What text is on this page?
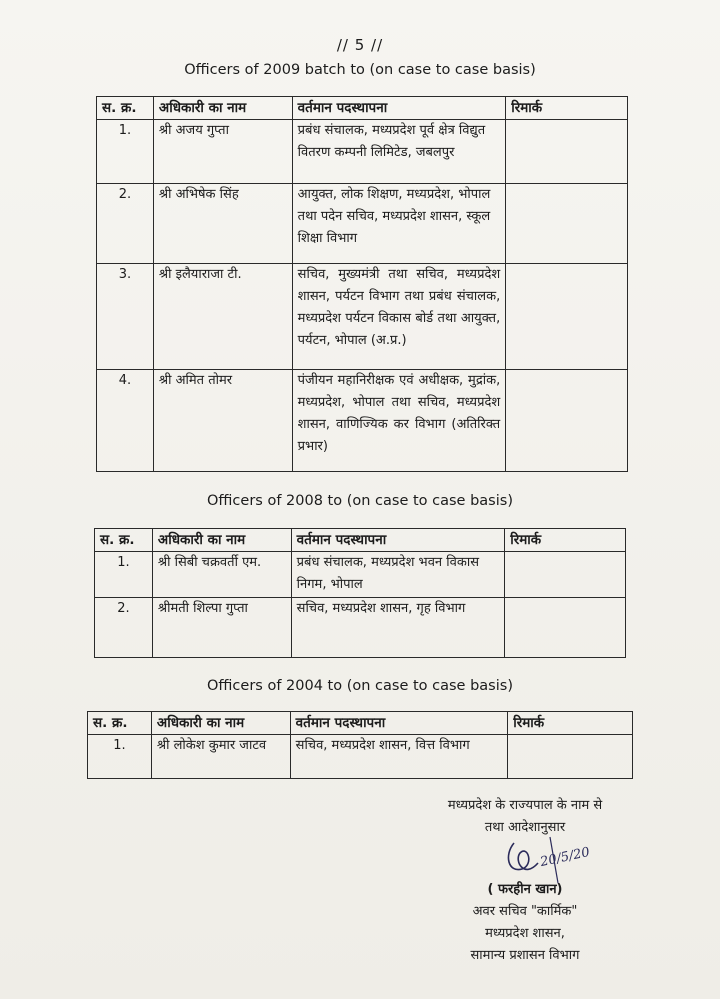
// 5 //
Officers of 2009 batch to (on case to case basis)
स. क्र.	अधिकारी का नाम	वर्तमान पदस्थापना	रिमार्क
1.	श्री अजय गुप्ता	प्रबंध संचालक, मध्यप्रदेश पूर्व क्षेत्र विद्युत वितरण कम्पनी लिमिटेड, जबलपुर	
2.	श्री अभिषेक सिंह	आयुक्त, लोक शिक्षण, मध्यप्रदेश, भोपाल तथा पदेन सचिव, मध्यप्रदेश शासन, स्कूल शिक्षा विभाग	
3.	श्री इलैयाराजा टी.	सचिव, मुख्यमंत्री तथा सचिव, मध्यप्रदेश शासन, पर्यटन विभाग तथा प्रबंध संचालक, मध्यप्रदेश पर्यटन विकास बोर्ड तथा आयुक्त, पर्यटन, भोपाल (अ.प्र.)	
4.	श्री अमित तोमर	पंजीयन महानिरीक्षक एवं अधीक्षक, मुद्रांक, मध्यप्रदेश, भोपाल तथा सचिव, मध्यप्रदेश शासन, वाणिज्यिक कर विभाग (अतिरिक्त प्रभार)	
Officers of 2008 to (on case to case basis)
स. क्र.	अधिकारी का नाम	वर्तमान पदस्थापना	रिमार्क
1.	श्री सिबी चक्रवर्ती एम.	प्रबंध संचालक, मध्यप्रदेश भवन विकास निगम, भोपाल	
2.	श्रीमती शिल्पा गुप्ता	सचिव, मध्यप्रदेश शासन, गृह विभाग	
Officers of 2004 to (on case to case basis)
स. क्र.	अधिकारी का नाम	वर्तमान पदस्थापना	रिमार्क
1.	श्री लोकेश कुमार जाटव	सचिव, मध्यप्रदेश शासन, वित्त विभाग	
मध्यप्रदेश के राज्यपाल के नाम से
तथा आदेशानुसार
20/5/20
( फरहीन खान)
अवर सचिव "कार्मिक"
मध्यप्रदेश शासन,
सामान्य प्रशासन विभाग
